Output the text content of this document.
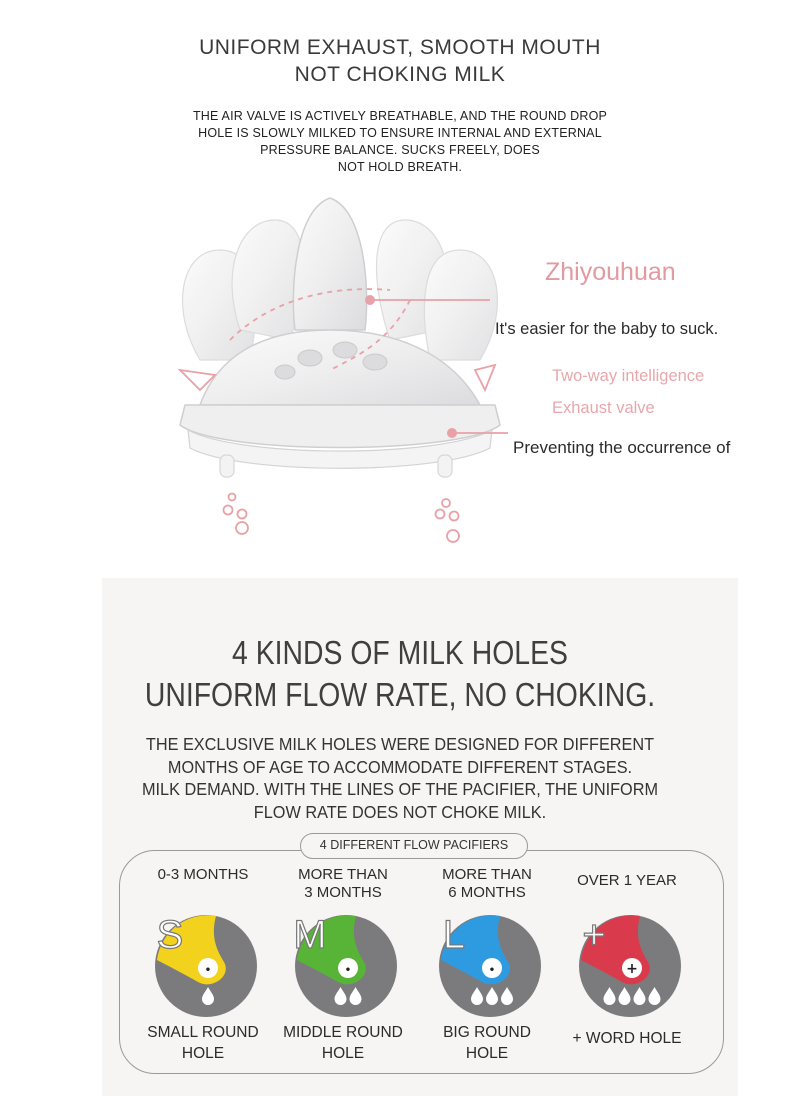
UNIFORM EXHAUST, SMOOTH MOUTH
NOT CHOKING MILK
THE AIR VALVE IS ACTIVELY BREATHABLE, AND THE ROUND DROP
HOLE IS SLOWLY MILKED TO ENSURE INTERNAL AND EXTERNAL
PRESSURE BALANCE. SUCKS FREELY, DOES
NOT HOLD BREATH.
Zhiyouhuan
It's easier for the baby to suck.
Two-way intelligence
Exhaust valve
Preventing the occurrence of
4 KINDS OF MILK HOLES
UNIFORM FLOW RATE, NO CHOKING.
THE EXCLUSIVE MILK HOLES WERE DESIGNED FOR DIFFERENT
MONTHS OF AGE TO ACCOMMODATE DIFFERENT STAGES.
MILK DEMAND. WITH THE LINES OF THE PACIFIER, THE UNIFORM
FLOW RATE DOES NOT CHOKE MILK.
4 DIFFERENT FLOW PACIFIERS
0-3 MONTHS
•
S
SMALL ROUND
HOLE
MORE THAN
3 MONTHS
•
M
MIDDLE ROUND
HOLE
MORE THAN
6 MONTHS
•
L
BIG ROUND
HOLE
OVER 1 YEAR
+
+
+ WORD HOLE
